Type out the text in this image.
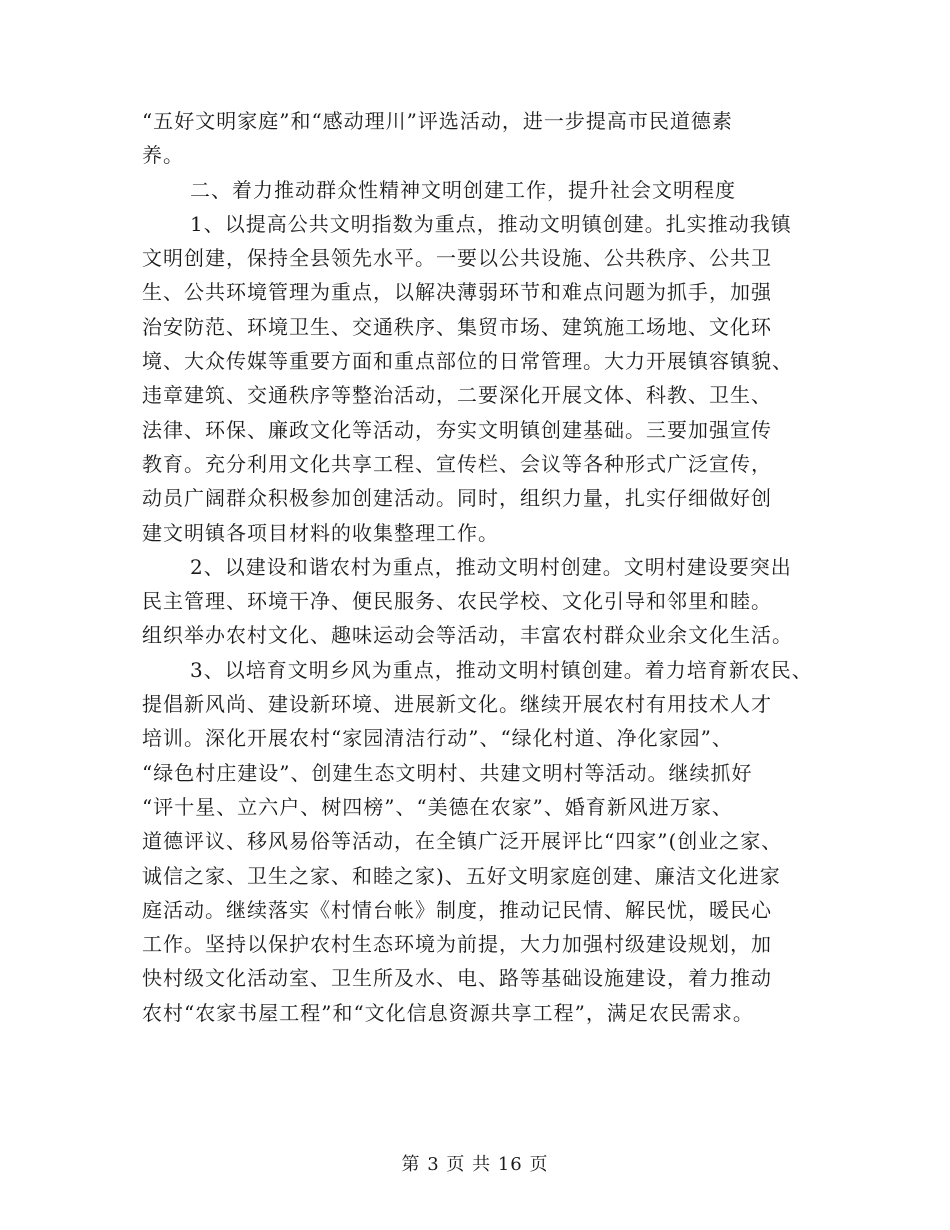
“五好文明家庭”和“感动理川”评选活动，进一步提高市民道德素
养。
二、着力推动群众性精神文明创建工作，提升社会文明程度
1、以提高公共文明指数为重点，推动文明镇创建。扎实推动我镇
文明创建，保持全县领先水平。一要以公共设施、公共秩序、公共卫
生、公共环境管理为重点，以解决薄弱环节和难点问题为抓手，加强
治安防范、环境卫生、交通秩序、集贸市场、建筑施工场地、文化环
境、大众传媒等重要方面和重点部位的日常管理。大力开展镇容镇貌、
违章建筑、交通秩序等整治活动，二要深化开展文体、科教、卫生、
法律、环保、廉政文化等活动，夯实文明镇创建基础。三要加强宣传
教育。充分利用文化共享工程、宣传栏、会议等各种形式广泛宣传，
动员广阔群众积极参加创建活动。同时，组织力量，扎实仔细做好创
建文明镇各项目材料的收集整理工作。
2、以建设和谐农村为重点，推动文明村创建。文明村建设要突出
民主管理、环境干净、便民服务、农民学校、文化引导和邻里和睦。
组织举办农村文化、趣味运动会等活动，丰富农村群众业余文化生活。
3、以培育文明乡风为重点，推动文明村镇创建。着力培育新农民、
提倡新风尚、建设新环境、进展新文化。继续开展农村有用技术人才
培训。深化开展农村“家园清洁行动”、“绿化村道、净化家园”、
“绿色村庄建设”、创建生态文明村、共建文明村等活动。继续抓好
“评十星、立六户、树四榜”、“美德在农家”、婚育新风进万家、
道德评议、移风易俗等活动，在全镇广泛开展评比“四家”(创业之家、
诚信之家、卫生之家、和睦之家)、五好文明家庭创建、廉洁文化进家
庭活动。继续落实《村情台帐》制度，推动记民情、解民忧，暖民心
工作。坚持以保护农村生态环境为前提，大力加强村级建设规划，加
快村级文化活动室、卫生所及水、电、路等基础设施建设，着力推动
农村“农家书屋工程”和“文化信息资源共享工程”，满足农民需求。
第 3 页 共 16 页
